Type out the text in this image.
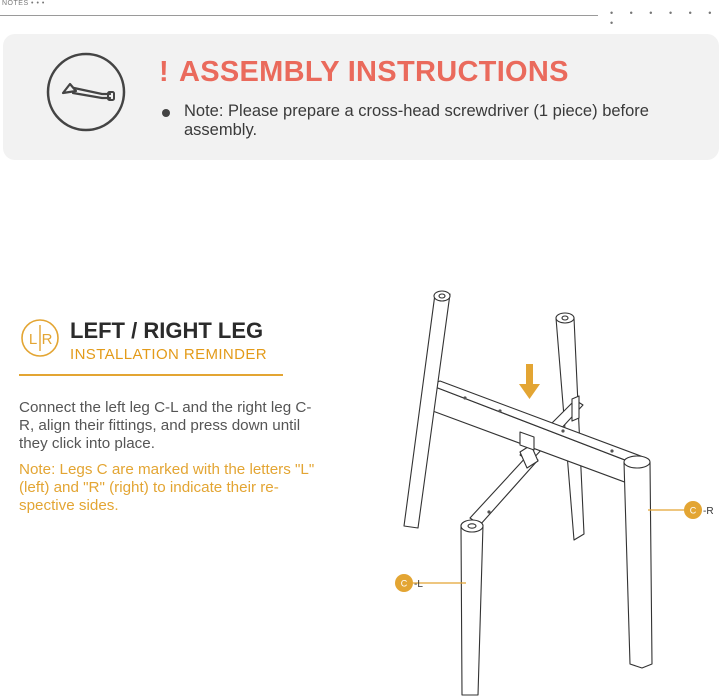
NOTES • • •
• • • • • • •
! ASSEMBLY INSTRUCTIONS
Note: Please prepare a cross-head screwdriver (1 piece) before assembly.
L R LEFT / RIGHT LEG
INSTALLATION REMINDER
Connect the left leg C-L and the right leg C-R, align their fittings, and press down until they click into place.
Note: Legs C are marked with the letters "L" (left) and "R" (right) to indicate their re-spective sides.	C -R
C -L
